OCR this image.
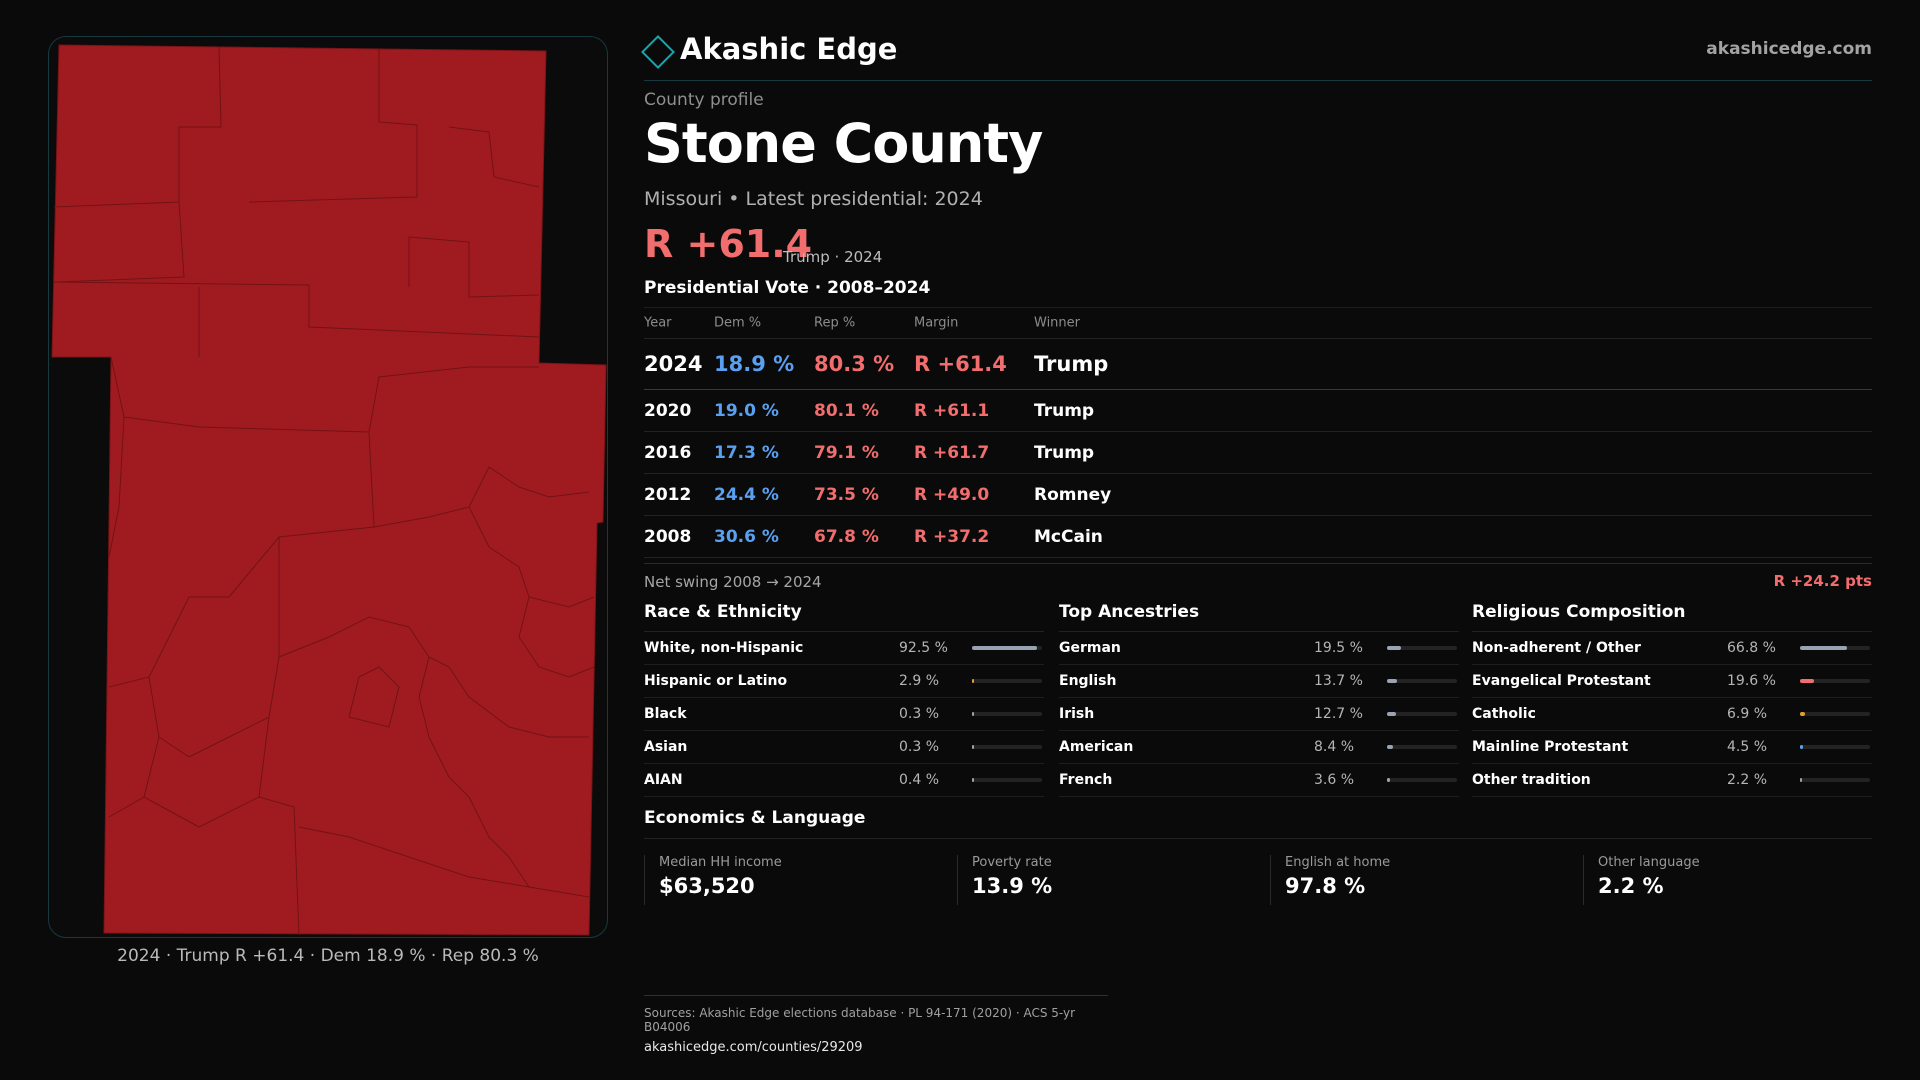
2024 · Trump R +61.4 · Dem 18.9 % · Rep 80.3 %
Akashic Edge	akashicedge.com
County profile
Stone County
Missouri • Latest presidential: 2024
R +61.4
Trump · 2024
Presidential Vote · 2008–2024
Year	Dem %	Rep %	Margin	Winner
2024 18.9 % 80.3 % R +61.4 Trump
2020 19.0 % 80.1 % R +61.1	Trump
2016 17.3 % 79.1 % R +61.7	Trump
2012 24.4 % 73.5 % R +49.0	Romney
2008 30.6 % 67.8 % R +37.2	McCain
Net swing 2008 → 2024	R +24.2 pts
Race & Ethnicity
White, non-Hispanic	92.5 %
Hispanic or Latino	2.9 %
Black	0.3 %
Asian	0.3 %
AIAN	0.4 %
Top Ancestries
German	19.5 %
English	13.7 %
Irish	12.7 %
American	8.4 %
French	3.6 %
Religious Composition
Non-adherent / Other	66.8 %
Evangelical Protestant	19.6 %
Catholic	6.9 %
Mainline Protestant	4.5 %
Other tradition	2.2 %
Economics & Language
Median HH income
$63,520
Poverty rate
13.9 %
English at home
97.8 %
Other language
2.2 %
Sources: Akashic Edge elections database · PL 94-171 (2020) · ACS 5-yr B04006
akashicedge.com/counties/29209
